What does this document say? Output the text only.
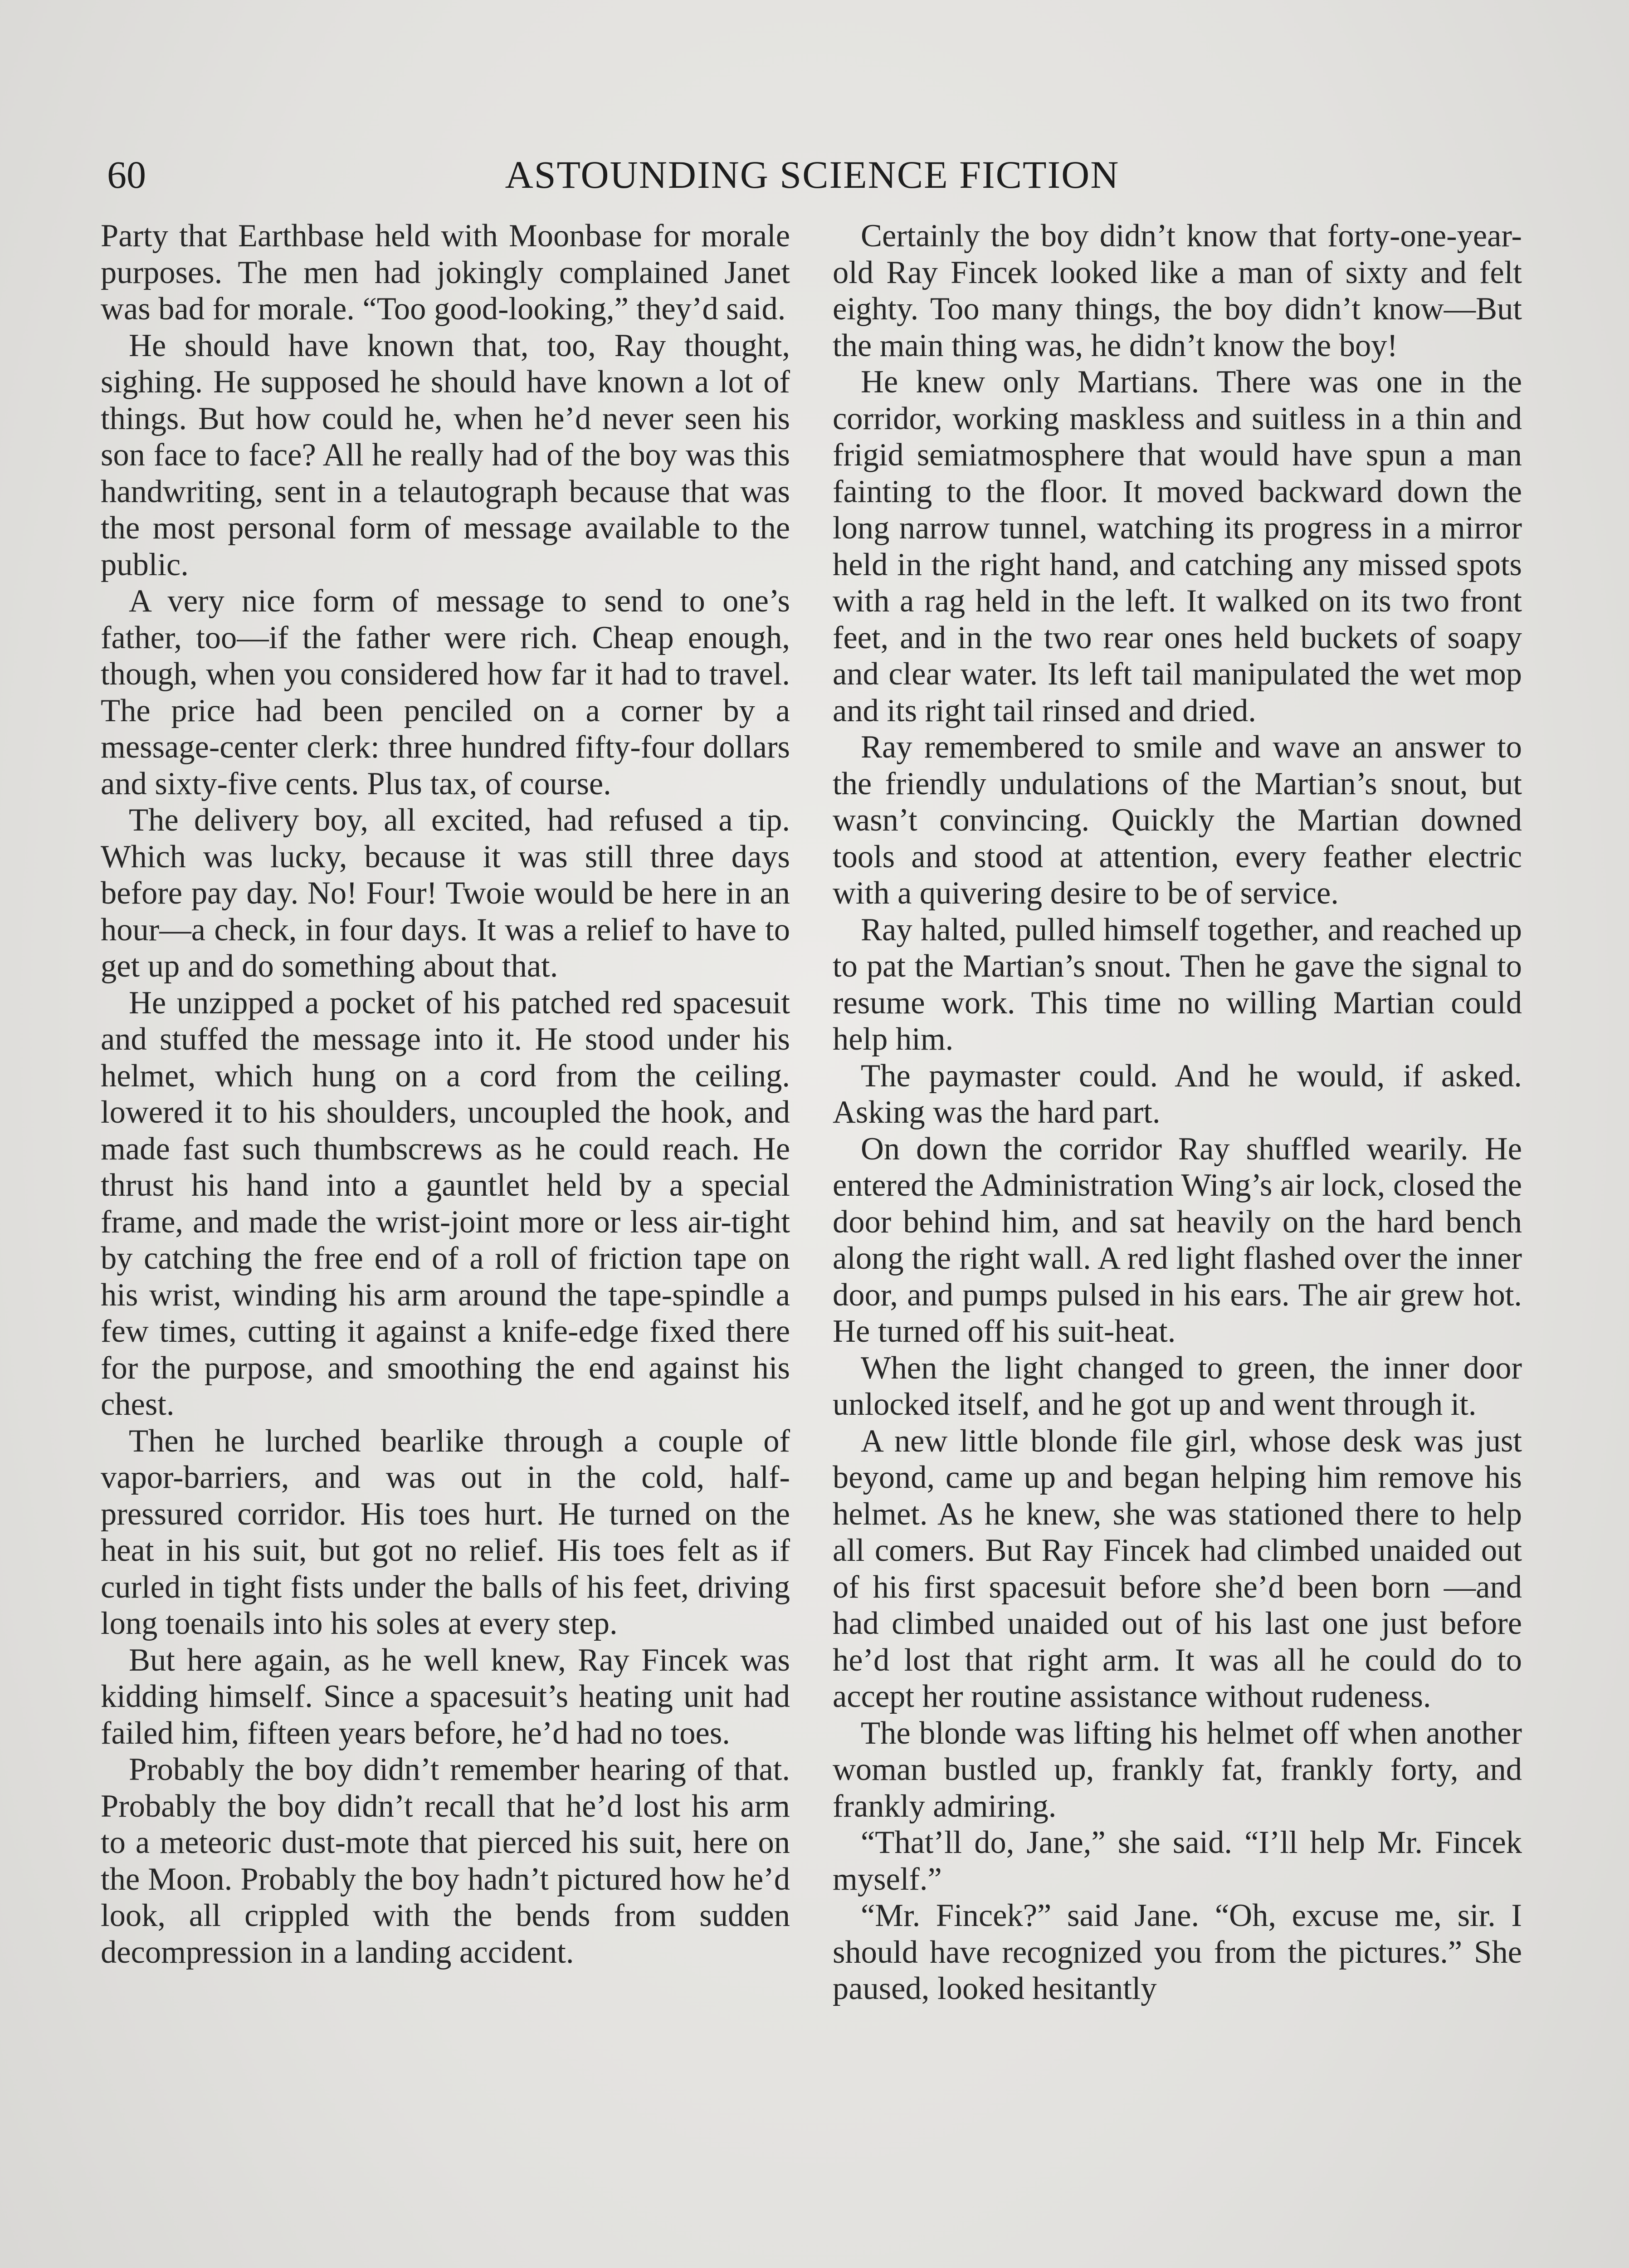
60	ASTOUNDING SCIENCE FICTION

Party that Earthbase held with Moonbase for morale purposes. The men had jokingly complained Janet was bad for morale. “Too good-looking,” they’d said.

He should have known that, too, Ray thought, sighing. He supposed he should have known a lot of things. But how could he, when he’d never seen his son face to face? All he really had of the boy was this handwriting, sent in a telautograph because that was the most personal form of message available to the public.

A very nice form of message to send to one’s father, too—if the father were rich. Cheap enough, though, when you considered how far it had to travel. The price had been penciled on a corner by a message-center clerk: three hundred fifty-four dollars and sixty-five cents. Plus tax, of course.

The delivery boy, all excited, had refused a tip. Which was lucky, because it was still three days before pay day. No! Four! Twoie would be here in an hour—a check, in four days. It was a relief to have to get up and do something about that.

He unzipped a pocket of his patched red spacesuit and stuffed the message into it. He stood under his helmet, which hung on a cord from the ceiling. lowered it to his shoulders, uncoupled the hook, and made fast such thumbscrews as he could reach. He thrust his hand into a gauntlet held by a special frame, and made the wrist-joint more or less air-tight by catching the free end of a roll of friction tape on his wrist, winding his arm around the tape-spindle a few times, cutting it against a knife-edge fixed there for the purpose, and smoothing the end against his chest.

Then he lurched bearlike through a couple of vapor-barriers, and was out in the cold, half-pressured corridor. His toes hurt. He turned on the heat in his suit, but got no relief. His toes felt as if curled in tight fists under the balls of his feet, driving long toenails into his soles at every step.

But here again, as he well knew, Ray Fincek was kidding himself. Since a spacesuit’s heating unit had failed him, fifteen years before, he’d had no toes.

Probably the boy didn’t remember hearing of that. Probably the boy didn’t recall that he’d lost his arm to a meteoric dust-mote that pierced his suit, here on the Moon. Probably the boy hadn’t pictured how he’d look, all crippled with the bends from sudden decompression in a landing accident.

Certainly the boy didn’t know that forty-one-year-old Ray Fincek looked like a man of sixty and felt eighty. Too many things, the boy didn’t know—But the main thing was, he didn’t know the boy!

He knew only Martians. There was one in the corridor, working maskless and suitless in a thin and frigid semiatmosphere that would have spun a man fainting to the floor. It moved backward down the long narrow tunnel, watching its progress in a mirror held in the right hand, and catching any missed spots with a rag held in the left. It walked on its two front feet, and in the two rear ones held buckets of soapy and clear water. Its left tail manipulated the wet mop and its right tail rinsed and dried.

Ray remembered to smile and wave an answer to the friendly undulations of the Martian’s snout, but wasn’t convincing. Quickly the Martian downed tools and stood at attention, every feather electric with a quivering desire to be of service.

Ray halted, pulled himself together, and reached up to pat the Martian’s snout. Then he gave the signal to resume work. This time no willing Martian could help him.

The paymaster could. And he would, if asked. Asking was the hard part.

On down the corridor Ray shuffled wearily. He entered the Administration Wing’s air lock, closed the door behind him, and sat heavily on the hard bench along the right wall. A red light flashed over the inner door, and pumps pulsed in his ears. The air grew hot. He turned off his suit-heat.

When the light changed to green, the inner door unlocked itself, and he got up and went through it.

A new little blonde file girl, whose desk was just beyond, came up and began helping him remove his helmet. As he knew, she was stationed there to help all comers. But Ray Fincek had climbed unaided out of his first spacesuit before she’d been born —and had climbed unaided out of his last one just before he’d lost that right arm. It was all he could do to accept her routine assistance without rudeness.

The blonde was lifting his helmet off when another woman bustled up, frankly fat, frankly forty, and frankly admiring.

“That’ll do, Jane,” she said. “I’ll help Mr. Fincek myself.”

“Mr. Fincek?” said Jane. “Oh, excuse me, sir. I should have recognized you from the pictures.” She paused, looked hesitantly
